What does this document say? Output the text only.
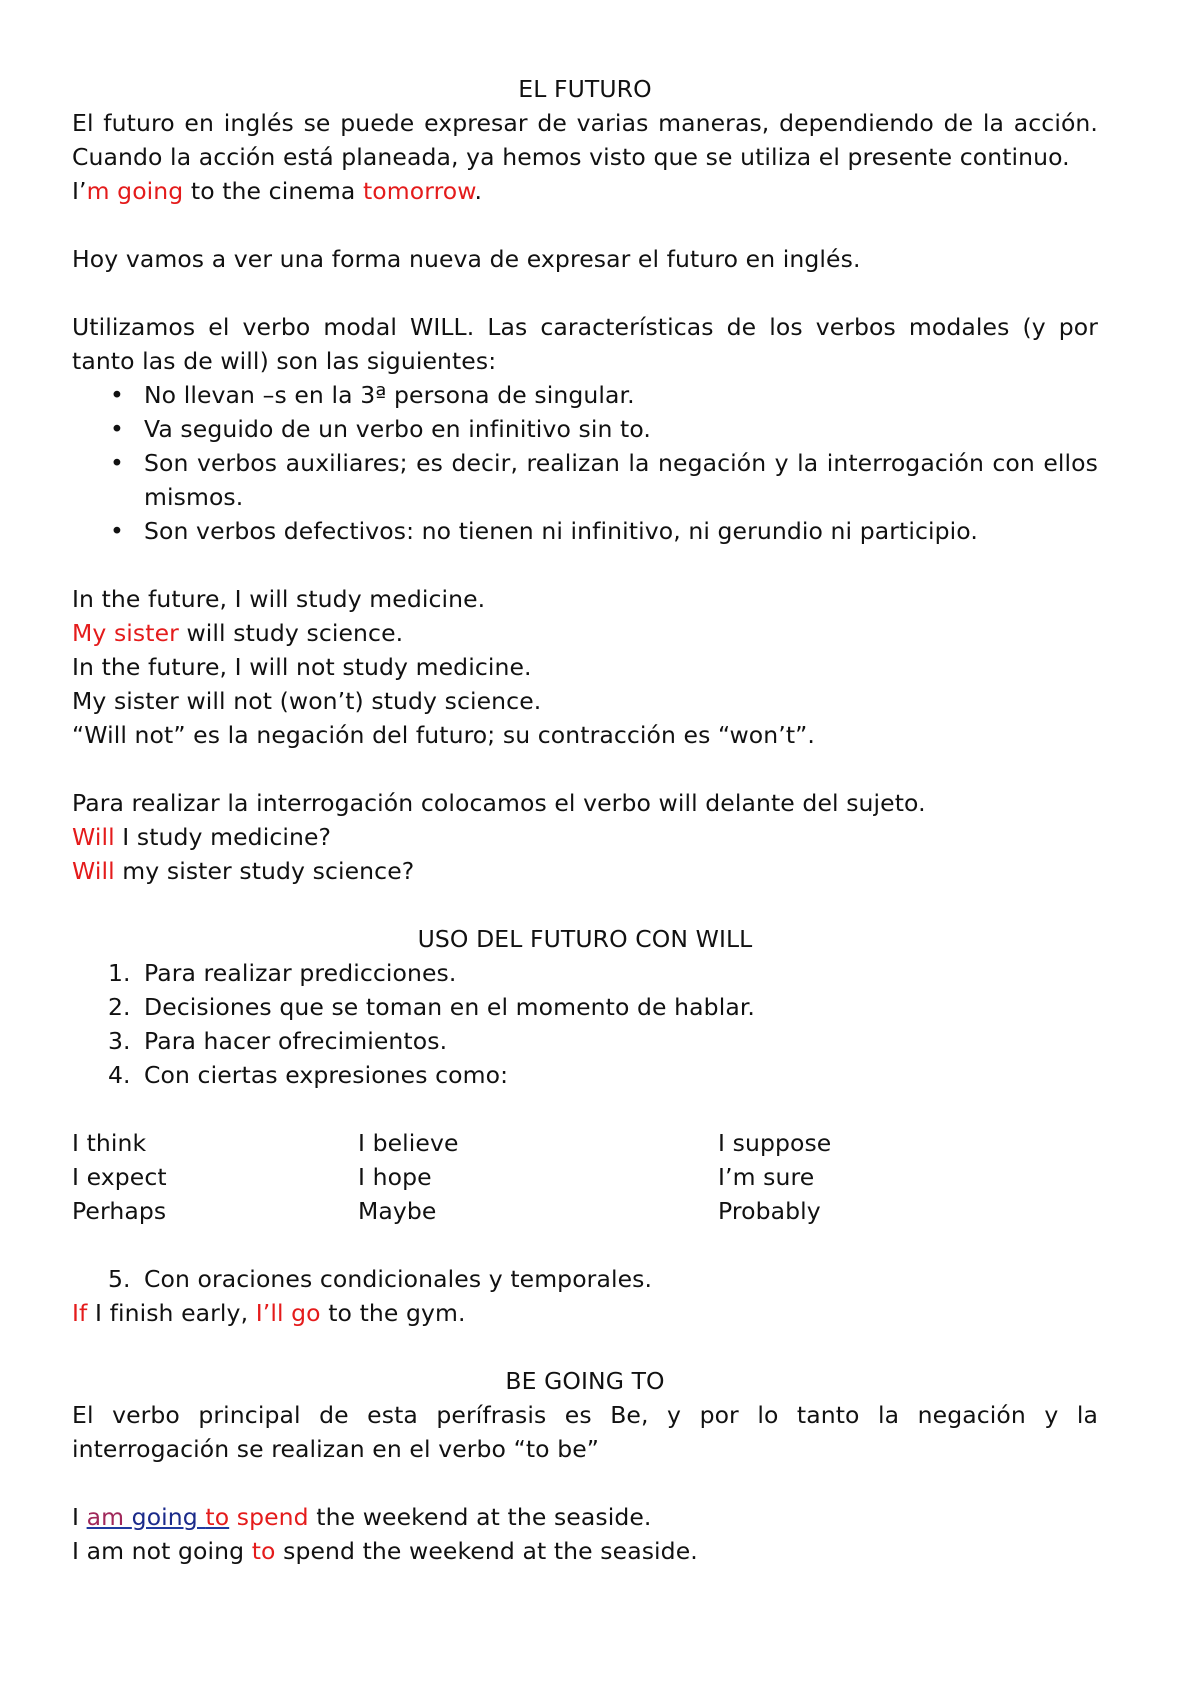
EL FUTURO

El futuro en inglés se puede expresar de varias maneras, dependiendo de la acción. Cuando la acción está planeada, ya hemos visto que se utiliza el presente continuo.

I’m going to the cinema tomorrow.

Hoy vamos a ver una forma nueva de expresar el futuro en inglés.

Utilizamos el verbo modal WILL. Las características de los verbos modales (y por tanto las de will) son las siguientes:

• No llevan –s en la 3ª persona de singular.
• Va seguido de un verbo en infinitivo sin to.
• Son verbos auxiliares; es decir, realizan la negación y la interrogación con ellos mismos.
• Son verbos defectivos: no tienen ni infinitivo, ni gerundio ni participio.

In the future, I will study medicine.

My sister will study science.

In the future, I will not study medicine.

My sister will not (won’t) study science.

“Will not” es la negación del futuro; su contracción es “won’t”.

Para realizar la interrogación colocamos el verbo will delante del sujeto.

Will I study medicine?

Will my sister study science?

USO DEL FUTURO CON WILL

1. Para realizar predicciones.
2. Decisiones que se toman en el momento de hablar.
3. Para hacer ofrecimientos.
4. Con ciertas expresiones como:
I think	I believe	I suppose
I expect	I hope	I’m sure
Perhaps	Maybe	Probably
5. Con oraciones condicionales y temporales.

If I finish early, I’ll go to the gym.

BE GOING TO

El verbo principal de esta perífrasis es Be, y por lo tanto la negación y la interrogación se realizan en el verbo “to be”

I am going to spend the weekend at the seaside.

I am not going to spend the weekend at the seaside.
